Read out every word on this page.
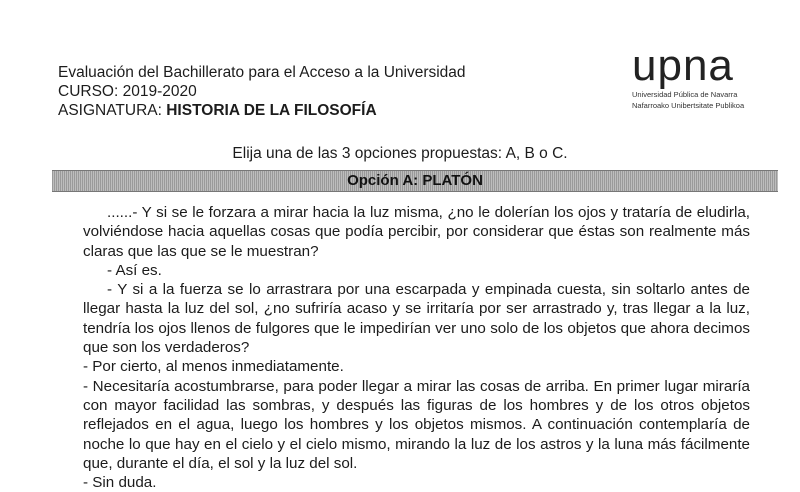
Evaluación del Bachillerato para el Acceso a la Universidad
CURSO: 2019-2020
ASIGNATURA: HISTORIA DE LA FILOSOFÍA
upna
Universidad Pública de Navarra
Nafarroako Unibertsitate Publikoa
Elija una de las 3 opciones propuestas: A, B o C.
Opción A: PLATÓN

......- Y si se le forzara a mirar hacia la luz misma, ¿no le dolerían los ojos y trataría de eludirla, volviéndose hacia aquellas cosas que podía percibir, por considerar que éstas son realmente más claras que las que se le muestran?

- Así es.

- Y si a la fuerza se lo arrastrara por una escarpada y empinada cuesta, sin soltarlo antes de llegar hasta la luz del sol, ¿no sufriría acaso y se irritaría por ser arrastrado y, tras llegar a la luz, tendría los ojos llenos de fulgores que le impedirían ver uno solo de los objetos que ahora decimos que son los verdaderos?

- Por cierto, al menos inmediatamente.

- Necesitaría acostumbrarse, para poder llegar a mirar las cosas de arriba. En primer lugar miraría con mayor facilidad las sombras, y después las figuras de los hombres y de los otros objetos reflejados en el agua, luego los hombres y los objetos mismos. A continuación contemplaría de noche lo que hay en el cielo y el cielo mismo, mirando la luz de los astros y la luna más fácilmente que, durante el día, el sol y la luz del sol.

- Sin duda.
